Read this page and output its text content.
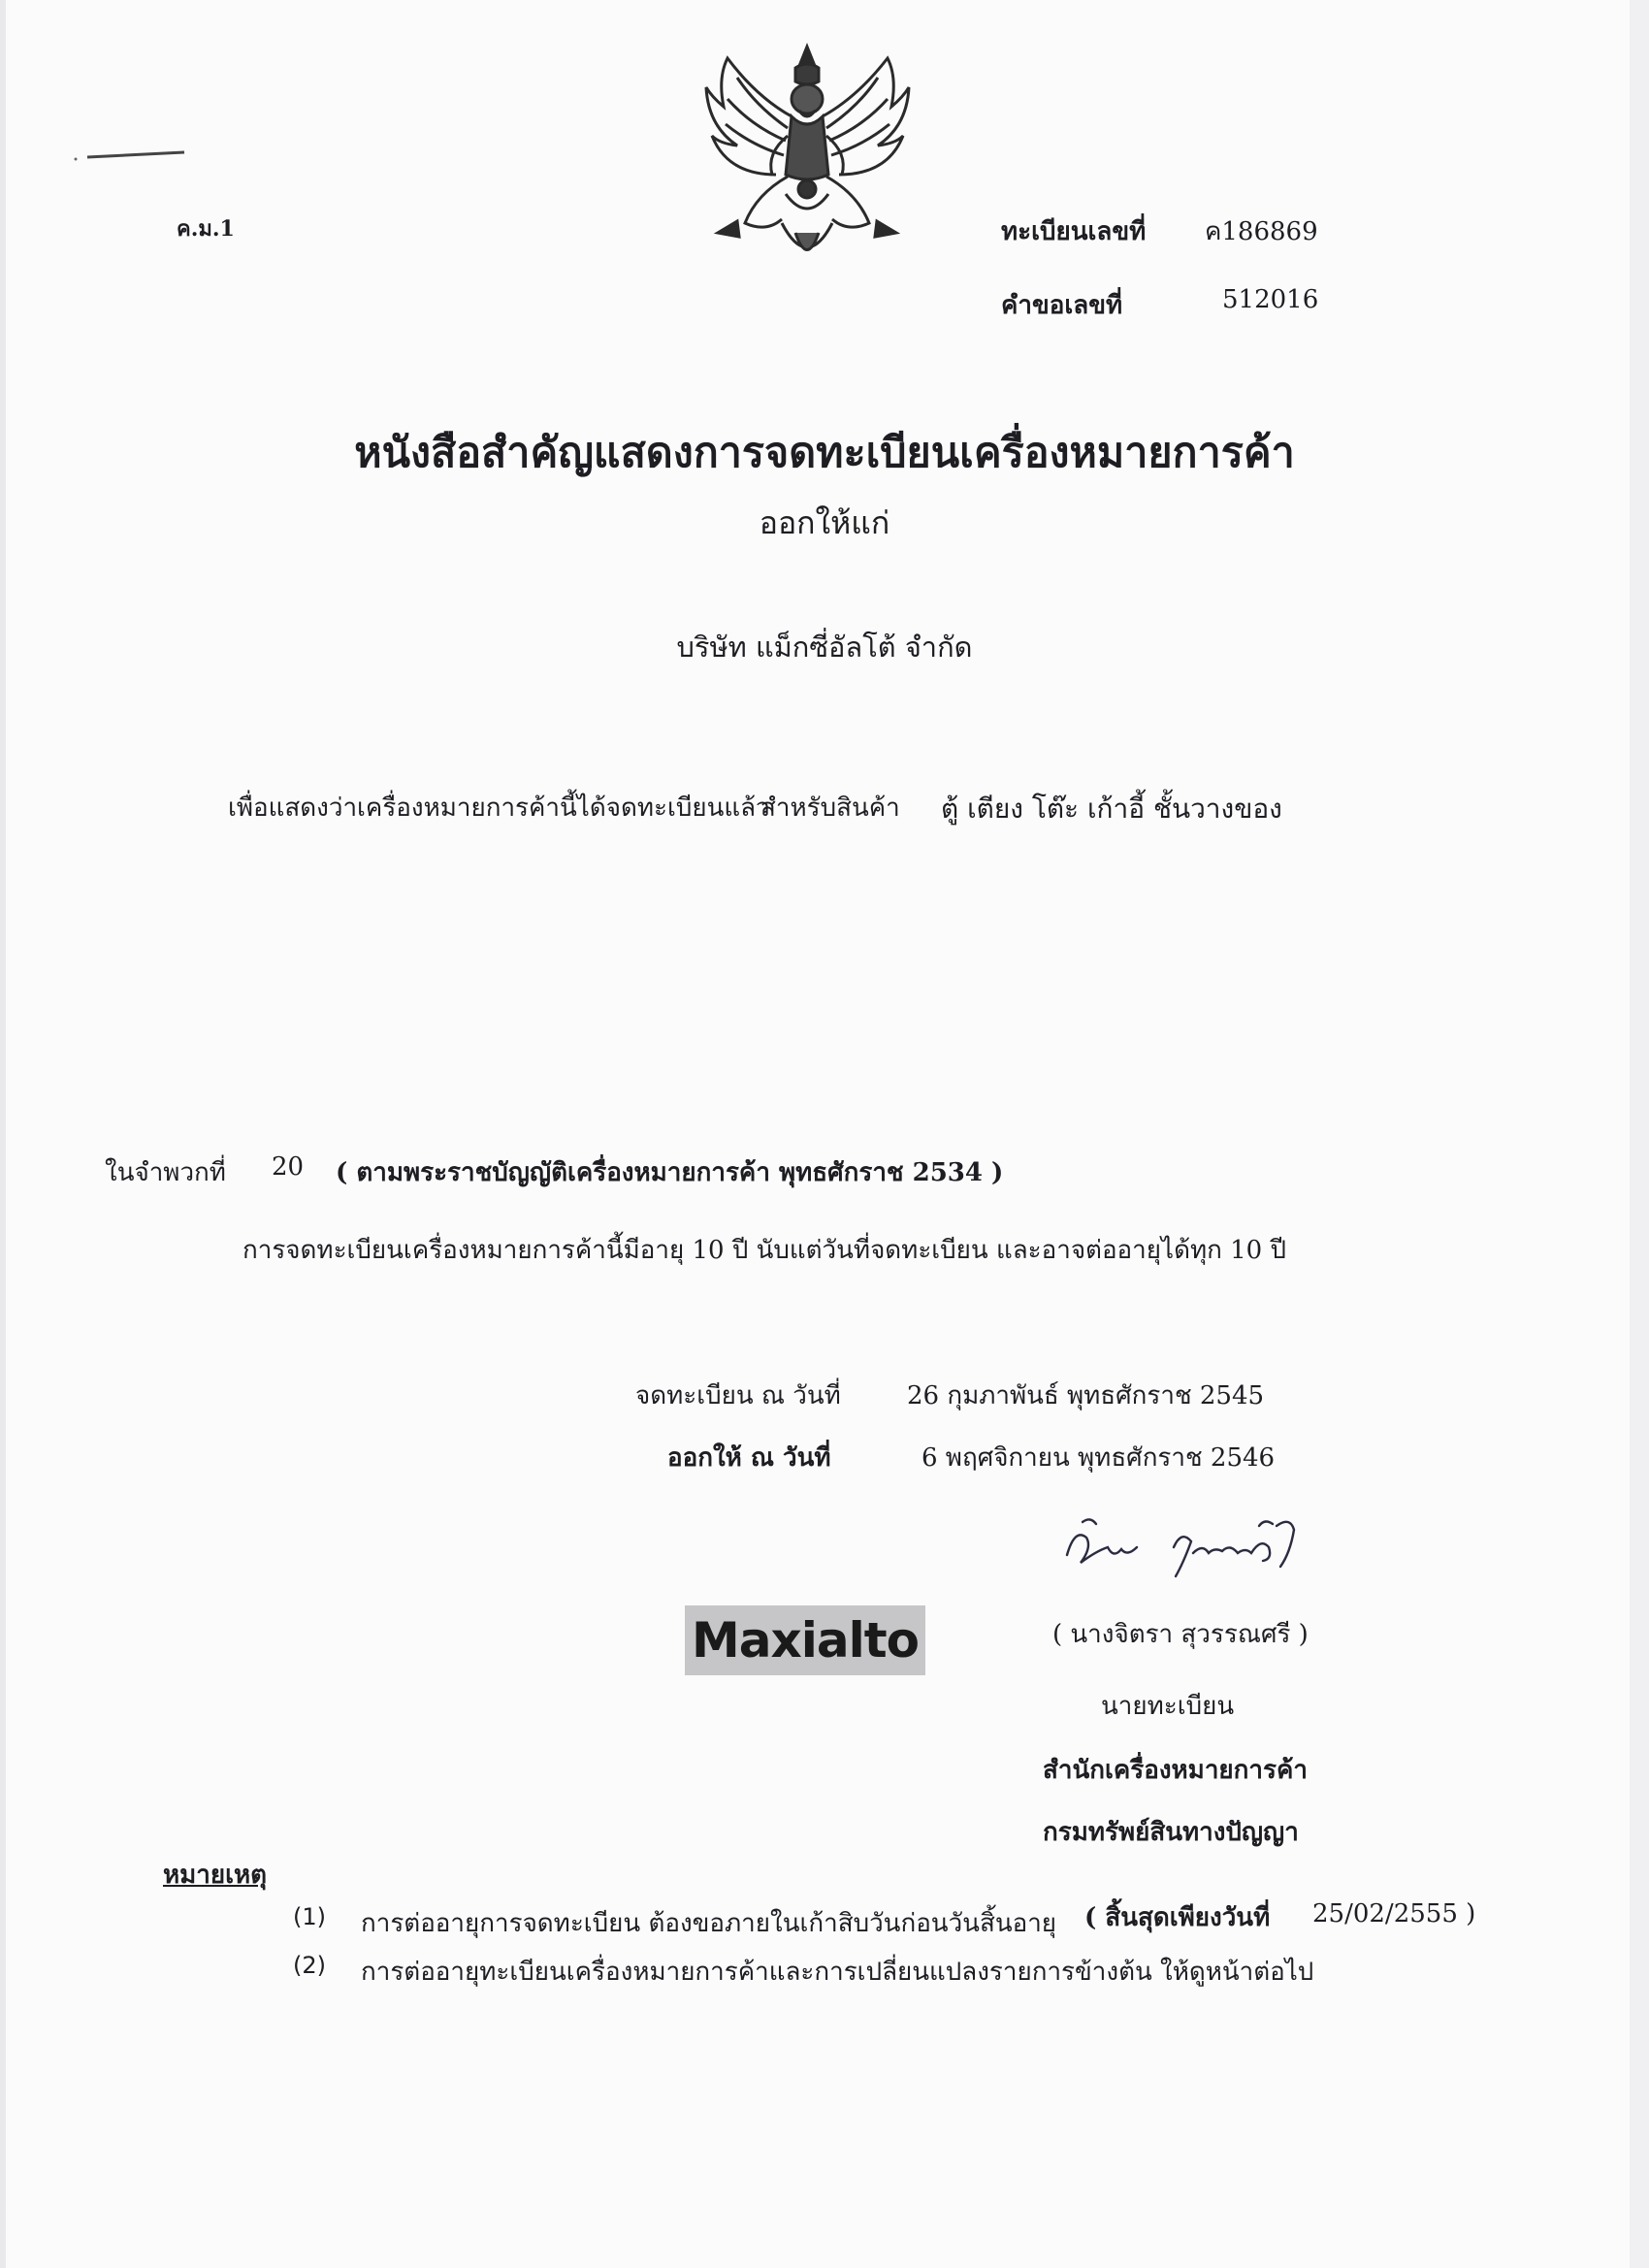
ค.ม.1	ทะเบียนเลขที่ ค186869
คำขอเลขที่	512016
หนังสือสำคัญแสดงการจดทะเบียนเครื่องหมายการค้า
ออกให้แก่
บริษัท แม็กซี่อัลโต้ จำกัด
เพื่อแสดงว่าเครื่องหมายการค้านี้ได้จดทะเบียนแล้ว
สำหรับสินค้า ตู้ เตียง โต๊ะ เก้าอี้ ชั้นวางของ
ในจำพวกที่ 20 ( ตามพระราชบัญญัติเครื่องหมายการค้า พุทธศักราช 2534 )
การจดทะเบียนเครื่องหมายการค้านี้มีอายุ 10 ปี นับแต่วันที่จดทะเบียน และอาจต่ออายุได้ทุก 10 ปี
จดทะเบียน ณ วันที่	26 กุมภาพันธ์ พุทธศักราช 2545
ออกให้ ณ วันที่	6 พฤศจิกายน พุทธศักราช 2546
Maxialto	( นางจิตรา สุวรรณศรี )
นายทะเบียน
สำนักเครื่องหมายการค้า
กรมทรัพย์สินทางปัญญา
หมายเหตุ
(1) การต่ออายุการจดทะเบียน ต้องขอภายในเก้าสิบวันก่อนวันสิ้นอายุ ( สิ้นสุดเพียงวันที่ 25/02/2555 )
(2) การต่ออายุทะเบียนเครื่องหมายการค้าและการเปลี่ยนแปลงรายการข้างต้น ให้ดูหน้าต่อไป
